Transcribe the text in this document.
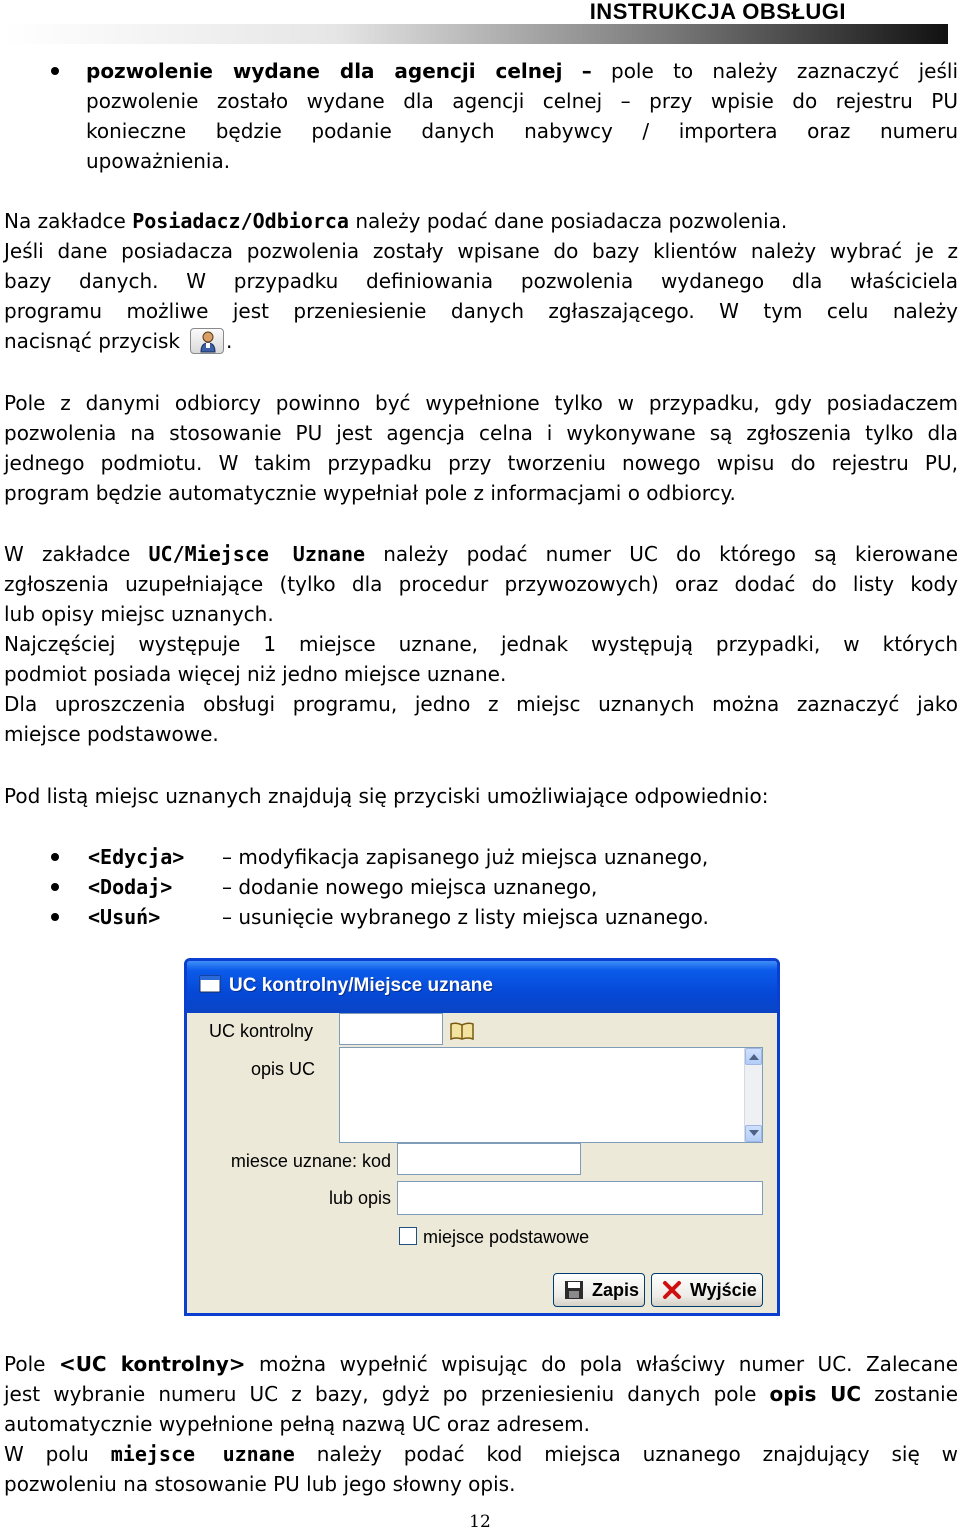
INSTRUKCJA OBSŁUGI
pozwolenie wydane dla agencji celnej – pole to należy zaznaczyć jeśli
pozwolenie zostało wydane dla agencji celnej – przy wpisie do rejestru PU
konieczne będzie podanie danych nabywcy / importera oraz numeru
upoważnienia.
Na zakładce Posiadacz/Odbiorca należy podać dane posiadacza pozwolenia.
Jeśli dane posiadacza pozwolenia zostały wpisane do bazy klientów należy wybrać je z
bazy danych. W przypadku definiowania pozwolenia wydanego dla właściciela
programu możliwe jest przeniesienie danych zgłaszającego. W tym celu należy
nacisnąć przycisk .
Pole z danymi odbiorcy powinno być wypełnione tylko w przypadku, gdy posiadaczem
pozwolenia na stosowanie PU jest agencja celna i wykonywane są zgłoszenia tylko dla
jednego podmiotu. W takim przypadku przy tworzeniu nowego wpisu do rejestru PU,
program będzie automatycznie wypełniał pole z informacjami o odbiorcy.
W zakładce UC/Miejsce Uznane należy podać numer UC do którego są kierowane
zgłoszenia uzupełniające (tylko dla procedur przywozowych) oraz dodać do listy kody
lub opisy miejsc uznanych.
Najczęściej występuje 1 miejsce uznane, jednak występują przypadki, w których
podmiot posiada więcej niż jedno miejsce uznane.
Dla uproszczenia obsługi programu, jedno z miejsc uznanych można zaznaczyć jako
miejsce podstawowe.
Pod listą miejsc uznanych znajdują się przyciski umożliwiające odpowiednio:
<Edycja>	– modyfikacja zapisanego już miejsca uznanego,
<Dodaj>	– dodanie nowego miejsca uznanego,
<Usuń>	– usunięcie wybranego z listy miejsca uznanego.
UC kontrolny/Miejsce uznane
UC kontrolny
opis UC
miesce uznane: kod
lub opis
miejsce podstawowe
Zapis	Wyjście
Pole <UC kontrolny> można wypełnić wpisując do pola właściwy numer UC. Zalecane
jest wybranie numeru UC z bazy, gdyż po przeniesieniu danych pole opis UC zostanie
automatycznie wypełnione pełną nazwą UC oraz adresem.
W polu miejsce uznane należy podać kod miejsca uznanego znajdujący się w
pozwoleniu na stosowanie PU lub jego słowny opis.
12
